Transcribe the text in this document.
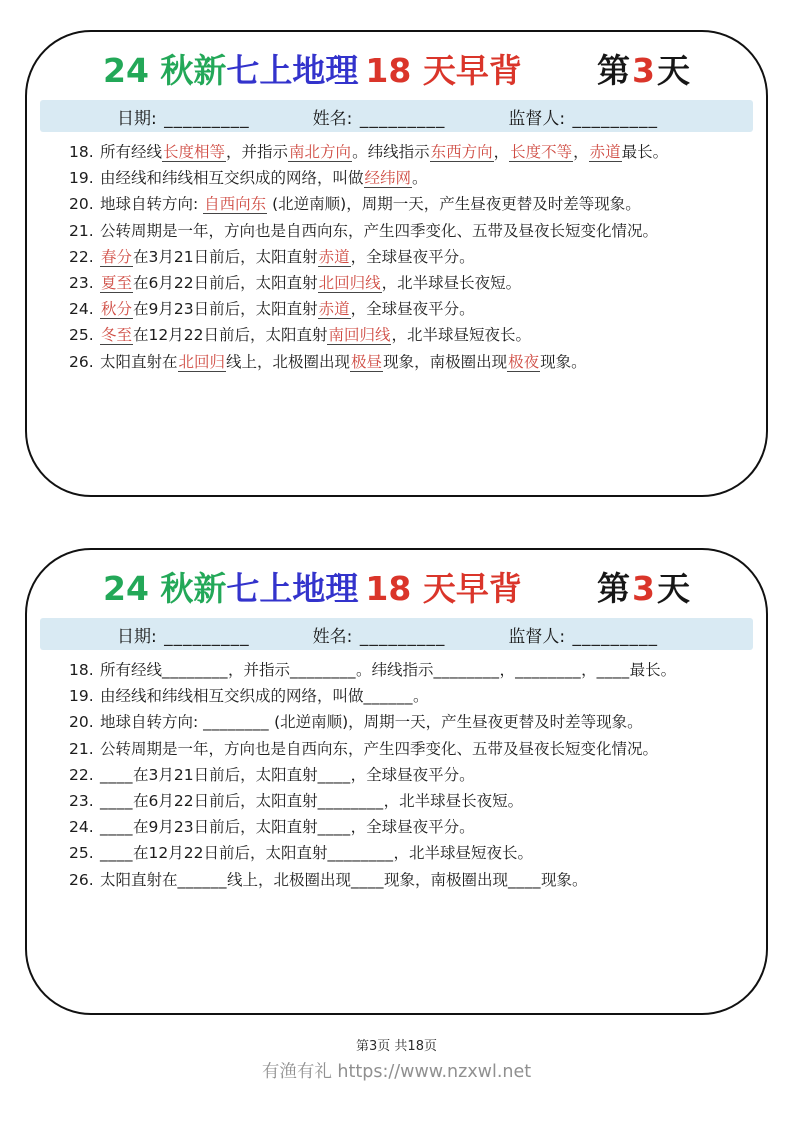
24 秋新七上地理 18 天早背 第3天
日期: _________	姓名: _________	监督人: _________
18. 所有经线长度相等，并指示南北方向。纬线指示东西方向，长度不等，赤道最长。
19. 由经线和纬线相互交织成的网络，叫做经纬网。
20. 地球自转方向: 自西向东 (北逆南顺)，周期一天，产生昼夜更替及时差等现象。
21. 公转周期是一年，方向也是自西向东，产生四季变化、五带及昼夜长短变化情况。
22. 春分在3月21日前后，太阳直射赤道，全球昼夜平分。
23. 夏至在6月22日前后，太阳直射北回归线，北半球昼长夜短。
24. 秋分在9月23日前后，太阳直射赤道，全球昼夜平分。
25. 冬至在12月22日前后，太阳直射南回归线，北半球昼短夜长。
26. 太阳直射在北回归线上，北极圈出现极昼现象，南极圈出现极夜现象。
24 秋新七上地理 18 天早背 第3天
日期: _________	姓名: _________	监督人: _________
18. 所有经线________，并指示________。纬线指示________，________，____最长。
19. 由经线和纬线相互交织成的网络，叫做______。
20. 地球自转方向: ________ (北逆南顺)，周期一天，产生昼夜更替及时差等现象。
21. 公转周期是一年，方向也是自西向东，产生四季变化、五带及昼夜长短变化情况。
22. ____在3月21日前后，太阳直射____，全球昼夜平分。
23. ____在6月22日前后，太阳直射________，北半球昼长夜短。
24. ____在9月23日前后，太阳直射____，全球昼夜平分。
25. ____在12月22日前后，太阳直射________，北半球昼短夜长。
26. 太阳直射在______线上，北极圈出现____现象，南极圈出现____现象。
第3页 共18页
有渔有礼 https://www.nzxwl.net
